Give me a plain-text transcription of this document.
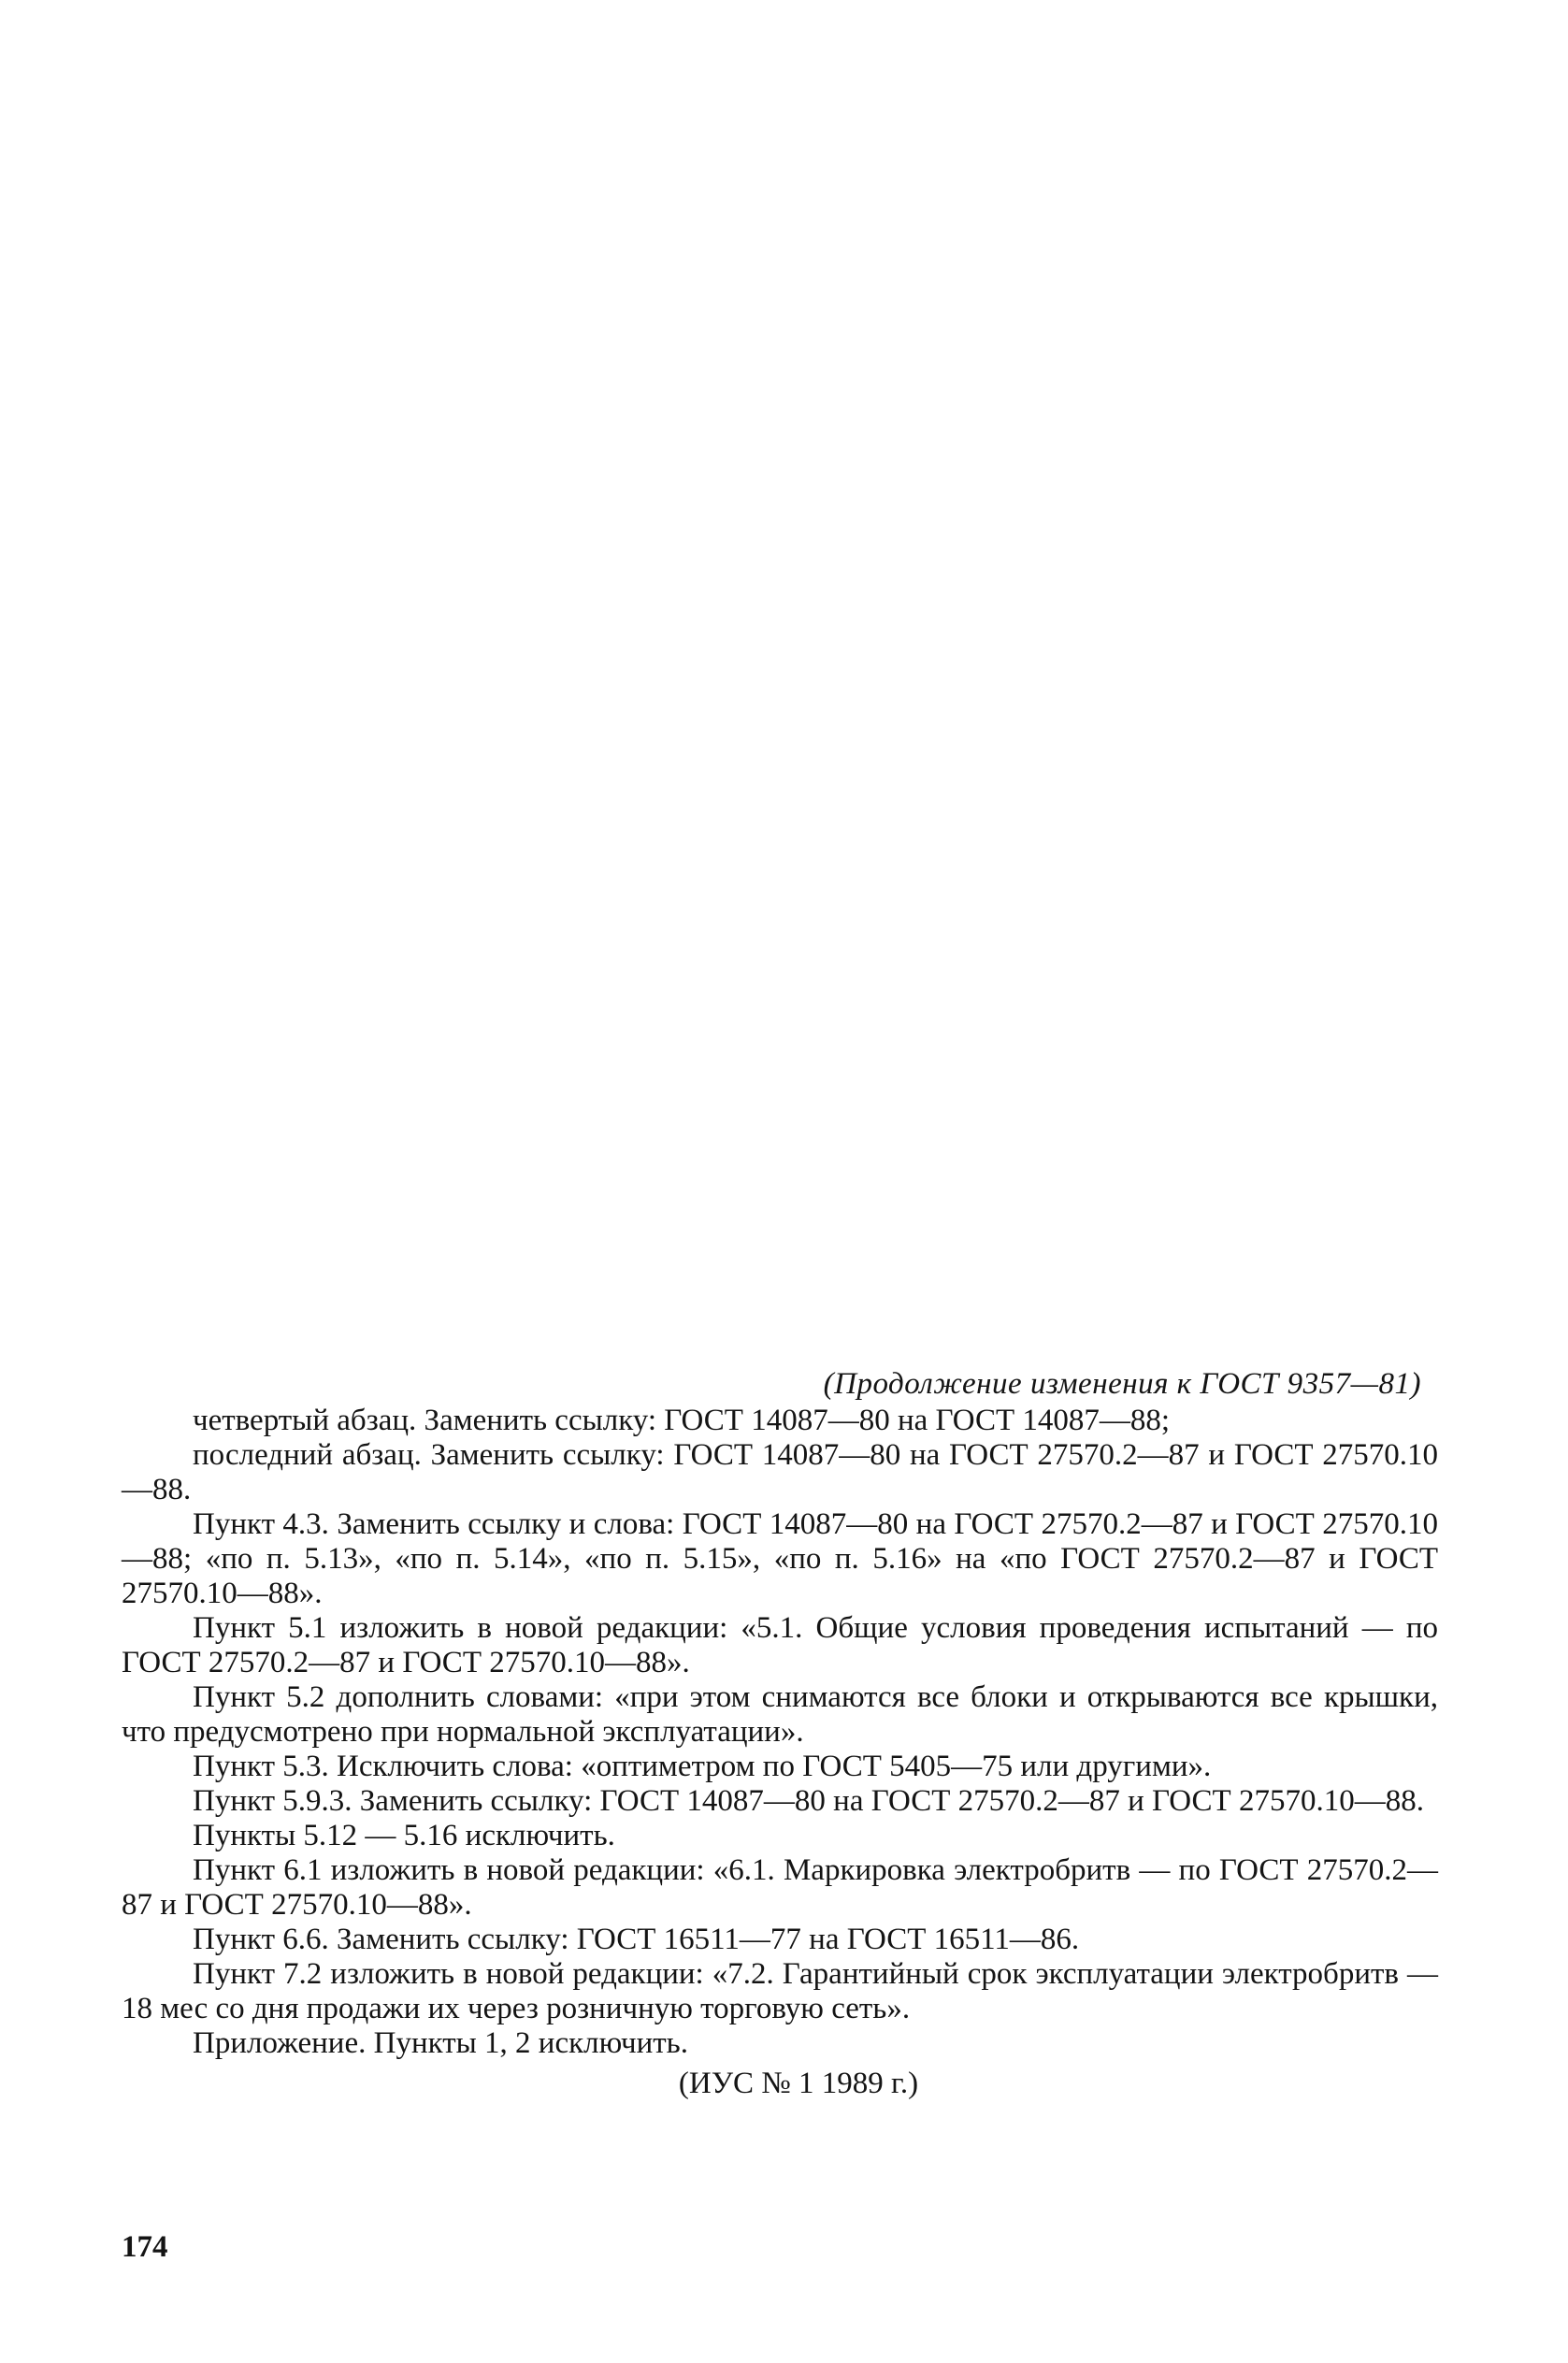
(Продолжение изменения к ГОСТ 9357—81)

четвертый абзац. Заменить ссылку: ГОСТ 14087—80 на ГОСТ 14087—88;

последний абзац. Заменить ссылку: ГОСТ 14087—80 на ГОСТ 27570.2—87 и ГОСТ 27570.10—88.

Пункт 4.3. Заменить ссылку и слова: ГОСТ 14087—80 на ГОСТ 27570.2—87 и ГОСТ 27570.10—88; «по п. 5.13», «по п. 5.14», «по п. 5.15», «по п. 5.16» на «по ГОСТ 27570.2—87 и ГОСТ 27570.10—88».

Пункт 5.1 изложить в новой редакции: «5.1. Общие условия проведения испытаний — по ГОСТ 27570.2—87 и ГОСТ 27570.10—88».

Пункт 5.2 дополнить словами: «при этом снимаются все блоки и открываются все крышки, что предусмотрено при нормальной эксплуатации».

Пункт 5.3. Исключить слова: «оптиметром по ГОСТ 5405—75 или другими».

Пункт 5.9.3. Заменить ссылку: ГОСТ 14087—80 на ГОСТ 27570.2—87 и ГОСТ 27570.10—88.

Пункты 5.12 — 5.16 исключить.

Пункт 6.1 изложить в новой редакции: «6.1. Маркировка электробритв — по ГОСТ 27570.2—87 и ГОСТ 27570.10—88».

Пункт 6.6. Заменить ссылку: ГОСТ 16511—77 на ГОСТ 16511—86.

Пункт 7.2 изложить в новой редакции: «7.2. Гарантийный срок эксплуатации электробритв — 18 мес со дня продажи их через розничную торговую сеть».

Приложение. Пункты 1, 2 исключить.

(ИУС № 1 1989 г.)

174
